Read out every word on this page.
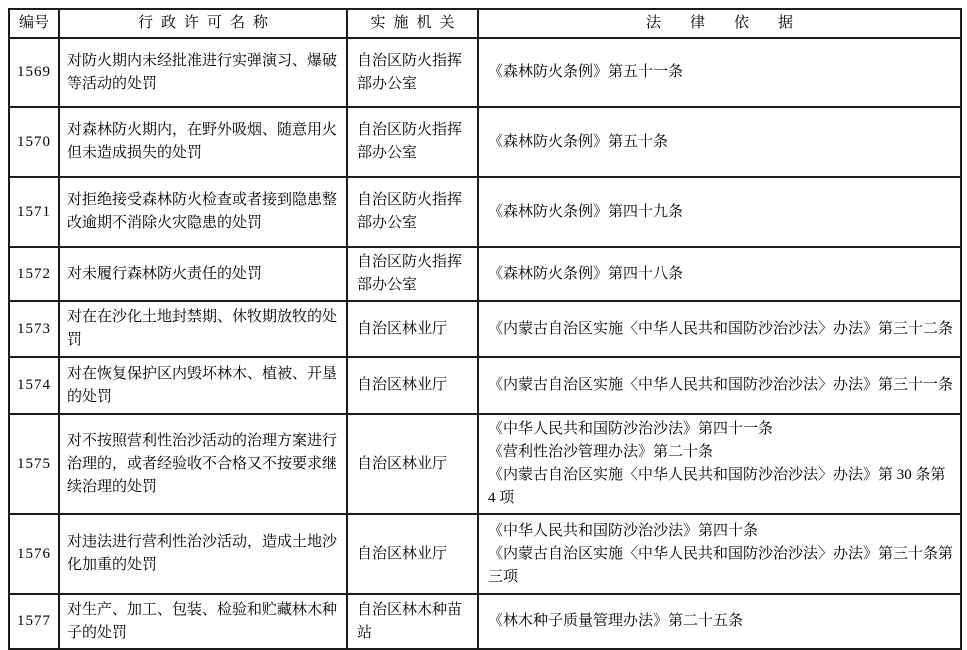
编号	行政许可名称	实施机关	法律依据
1569	对防火期内未经批准进行实弹演习、爆破等活动的处罚	自治区防火指挥部办公室	《森林防火条例》第五十一条

1570	对森林防火期内，在野外吸烟、随意用火但未造成损失的处罚	自治区防火指挥部办公室	《森林防火条例》第五十条

1571	对拒绝接受森林防火检查或者接到隐患整改逾期不消除火灾隐患的处罚	自治区防火指挥部办公室	《森林防火条例》第四十九条

1572	对未履行森林防火责任的处罚	自治区防火指挥部办公室	《森林防火条例》第四十八条

1573	对在在沙化土地封禁期、休牧期放牧的处罚	自治区林业厅	《内蒙古自治区实施〈中华人民共和国防沙治沙法〉办法》第三十二条

1574	对在恢复保护区内毁坏林木、植被、开垦的处罚	自治区林业厅	《内蒙古自治区实施〈中华人民共和国防沙治沙法〉办法》第三十一条

1575	对不按照营利性治沙活动的治理方案进行治理的，或者经验收不合格又不按要求继续治理的处罚	自治区林业厅	《中华人民共和国防沙治沙法》第四十一条
《营利性治沙管理办法》第二十条
《内蒙古自治区实施〈中华人民共和国防沙治沙法〉办法》第 30 条第 4 项

1576	对违法进行营利性治沙活动，造成土地沙化加重的处罚	自治区林业厅	《中华人民共和国防沙治沙法》第四十条
《内蒙古自治区实施〈中华人民共和国防沙治沙法〉办法》第三十条第三项

1577	对生产、加工、包装、检验和贮藏林木种子的处罚	自治区林木种苗站	《林木种子质量管理办法》第二十五条
